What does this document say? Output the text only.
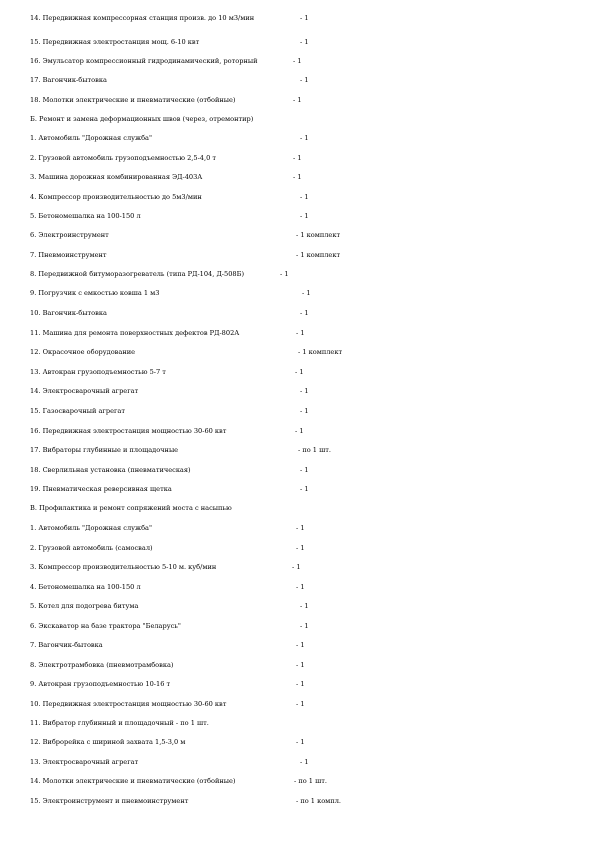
14. Передвижная компрессорная станция произв. до 10 м3/мин	- 1
15. Передвижная электростанция мощ. 6-10 квт	- 1
16. Эмульсатор компрессионный гидродинамический, роторный	- 1
17. Вагончик-бытовка	- 1
18. Молотки электрические и пневматические (отбойные)	- 1
Б. Ремонт и замена деформационных швов (через, отремонтир)
1. Автомобиль "Дорожная служба"	- 1
2. Грузовой автомобиль грузоподъемностью 2,5-4,0 т	- 1
3. Машина дорожная комбинированная ЭД-403А	- 1
4. Компрессор производительностью до 5м3/мин	- 1
5. Бетономешалка на 100-150 л	- 1
6. Электроинструмент	- 1 комплект
7. Пневмоинструмент	- 1 комплект
8. Передвижной битуморазогреватель (типа РД-104, Д-508Б)	- 1
9. Погрузчик с емкостью ковша 1 м3	- 1
10. Вагончик-бытовка	- 1
11. Машина для ремонта поверхностных дефектов РД-802А	- 1
12. Окрасочное оборудование	- 1 комплект
13. Автокран грузоподъемностью 5-7 т	- 1
14. Электросварочный агрегат	- 1
15. Газосварочный агрегат	- 1
16. Передвижная электростанция мощностью 30-60 квт	- 1
17. Вибраторы глубинные и площадочные	- по 1 шт.
18. Сверлильная установка (пневматическая)	- 1
19. Пневматическая реверсивная щетка	- 1
В. Профилактика и ремонт сопряжений моста с насыпью
1. Автомобиль "Дорожная служба"	- 1
2. Грузовой автомобиль (самосвал)	- 1
3. Компрессор производительностью 5-10 м. куб/мин	- 1
4. Бетономешалка на 100-150 л	- 1
5. Котел для подогрева битума	- 1
6. Экскаватор на базе трактора "Беларусь"	- 1
7. Вагончик-бытовка	- 1
8. Электротрамбовка (пневмотрамбовка)	- 1
9. Автокран грузоподъемностью 10-16 т	- 1
10. Передвижная электростанция мощностью 30-60 квт	- 1
11. Вибратор глубинный и площадочный - по 1 шт.
12. Виброрейка с шириной захвата 1,5-3,0 м	- 1
13. Электросварочный агрегат	- 1
14. Молотки электрические и пневматические (отбойные)	- по 1 шт.
15. Электроинструмент и пневмоинструмент	- по 1 компл.
